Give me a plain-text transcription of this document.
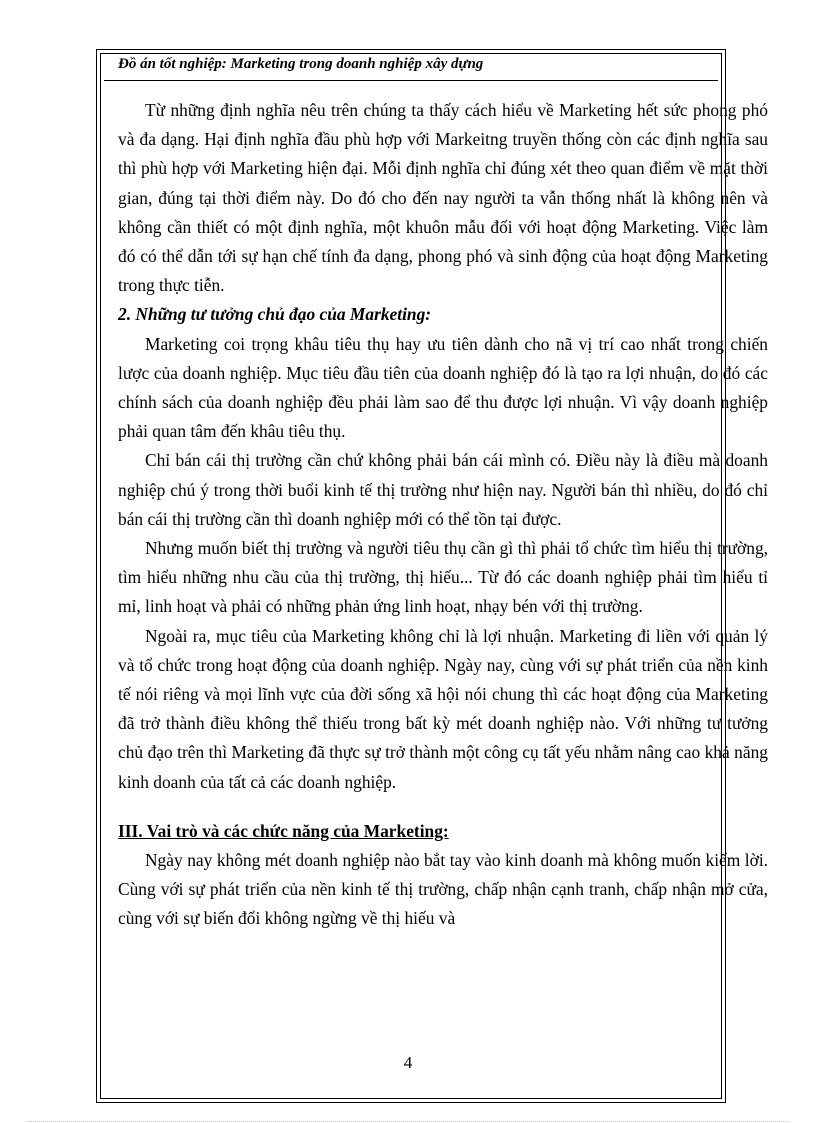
Đồ án tốt nghiệp: Marketing trong doanh nghiệp xây dựng

Từ những định nghĩa nêu trên chúng ta thấy cách hiểu về Marketing hết sức phong phó và đa dạng. Hại định nghĩa đầu phù hợp với Markeitng truyền thống còn các định nghĩa sau thì phù hợp với Marketing hiện đại. Mỗi định nghĩa chỉ đúng xét theo quan điểm về mặt thời gian, đúng tại thời điểm này. Do đó cho đến nay người ta vẫn thống nhất là không nên và không cần thiết có một định nghĩa, một khuôn mẫu đối với hoạt động Marketing. Việc làm đó có thể dẫn tới sự hạn chế tính đa dạng, phong phó và sinh động của hoạt động Marketing trong thực tiễn.

2. Những tư tưởng chủ đạo của Marketing:

Marketing coi trọng khâu tiêu thụ hay ưu tiên dành cho nã vị trí cao nhất trong chiến lược của doanh nghiệp. Mục tiêu đầu tiên của doanh nghiệp đó là tạo ra lợi nhuận, do đó các chính sách của doanh nghiệp đều phải làm sao để thu được lợi nhuận. Vì vậy doanh nghiệp phải quan tâm đến khâu tiêu thụ.

Chỉ bán cái thị trường cần chứ không phải bán cái mình có. Điều này là điều mà doanh nghiệp chú ý trong thời buổi kinh tế thị trường như hiện nay. Người bán thì nhiều, do đó chỉ bán cái thị trường cần thì doanh nghiệp mới có thể tồn tại được.

Nhưng muốn biết thị trường và người tiêu thụ cần gì thì phải tổ chức tìm hiểu thị trường, tìm hiểu những nhu cầu của thị trường, thị hiếu... Từ đó các doanh nghiệp phải tìm hiểu tỉ mỉ, linh hoạt và phải có những phản ứng linh hoạt, nhạy bén với thị trường.

Ngoài ra, mục tiêu của Marketing không chỉ là lợi nhuận. Marketing đi liền với quản lý và tổ chức trong hoạt động của doanh nghiệp. Ngày nay, cùng với sự phát triển của nền kinh tế nói riêng và mọi lĩnh vực của đời sống xã hội nói chung thì các hoạt động của Marketing đã trở thành điều không thể thiếu trong bất kỳ mét doanh nghiệp nào. Với những tư tưởng chủ đạo trên thì Marketing đã thực sự trở thành một công cụ tất yếu nhằm nâng cao khả năng kinh doanh của tất cả các doanh nghiệp.

III. Vai trò và các chức năng của Marketing:

Ngày nay không mét doanh nghiệp nào bắt tay vào kinh doanh mà không muốn kiếm lời. Cùng với sự phát triển của nền kinh tế thị trường, chấp nhận cạnh tranh, chấp nhận mở cửa, cùng với sự biến đổi không ngừng về thị hiếu và

4
